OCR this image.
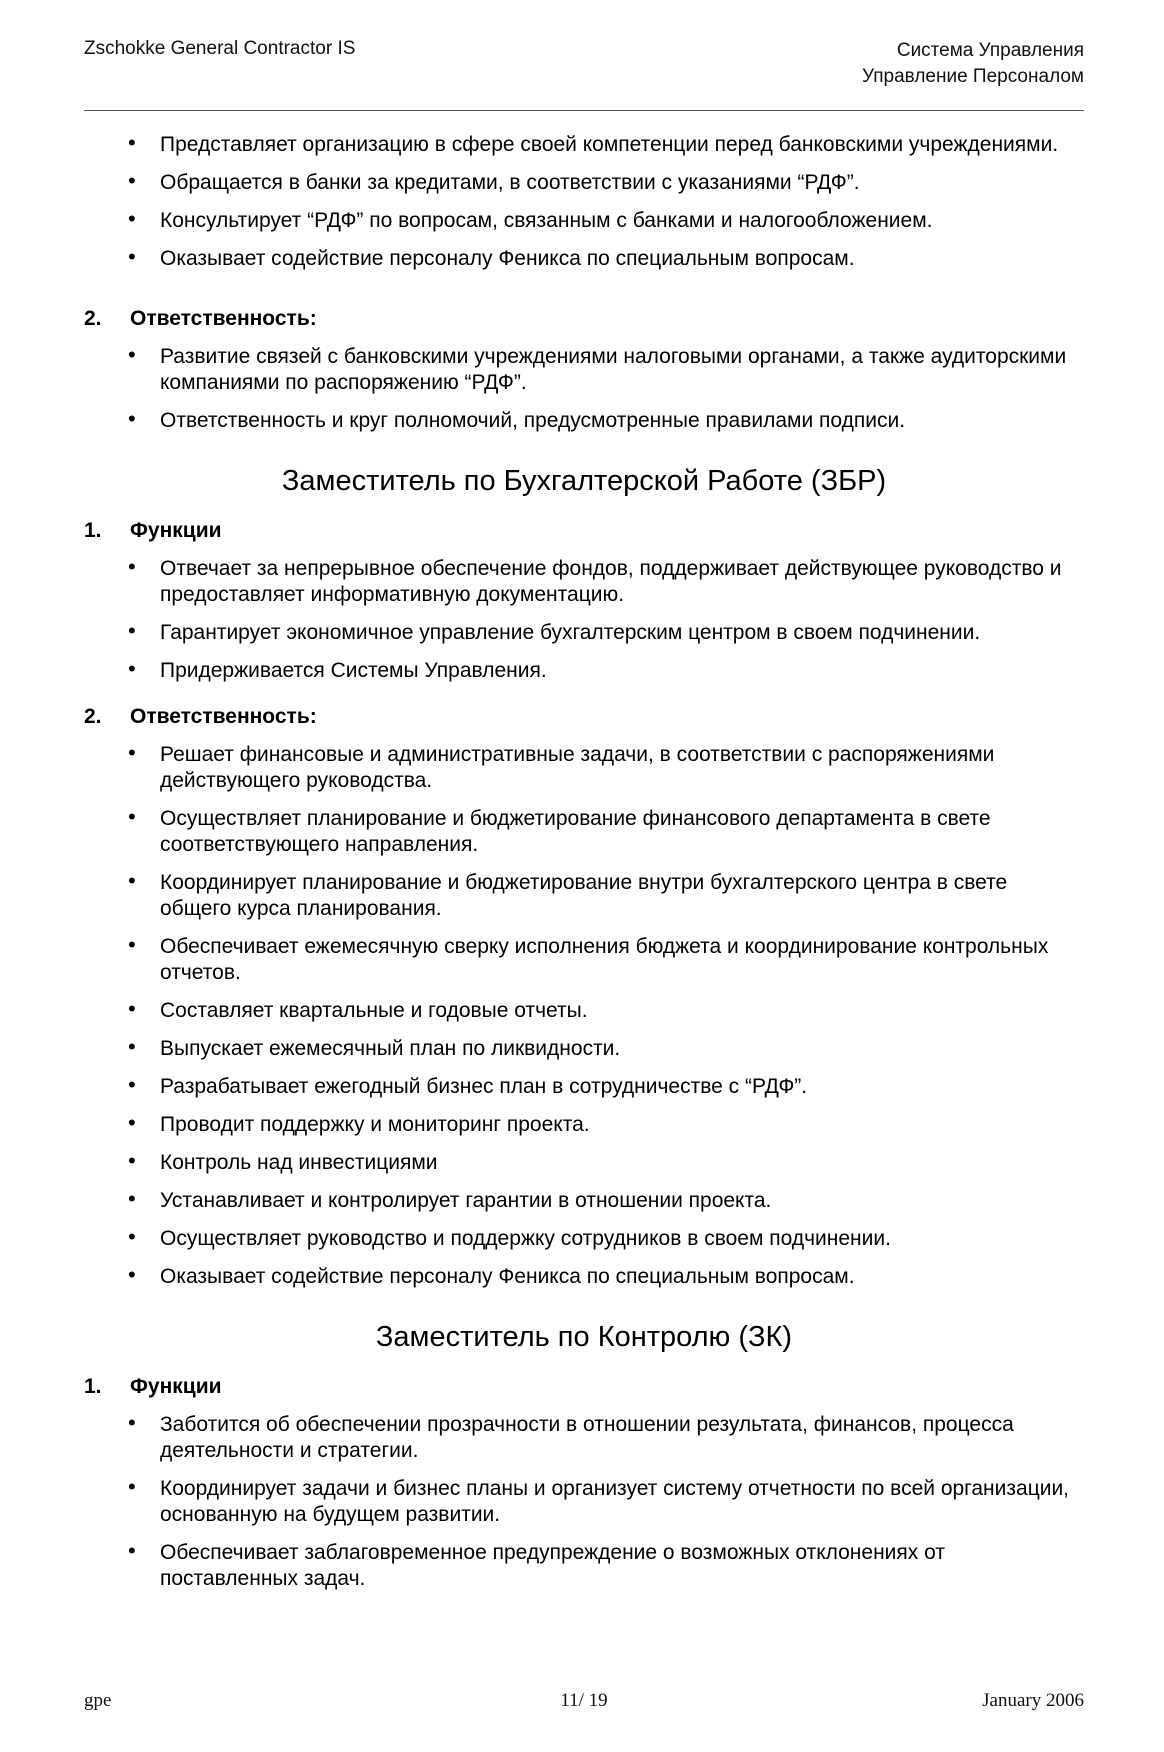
Zschokke General Contractor IS	Система Управления
Управление Персоналом
• Представляет организацию в сфере своей компетенции перед банковскими учреждениями.
• Обращается в банки за кредитами, в соответствии с указаниями “РДФ”.
• Консультирует “РДФ” по вопросам, связанным с банками и налогообложением.
• Оказывает содействие персоналу Феникса по специальным вопросам.
2. Ответственность:
• Развитие связей с банковскими учреждениями налоговыми органами, а также аудиторскими компаниями по распоряжению “РДФ”.
• Ответственность и круг полномочий, предусмотренные правилами подписи.
Заместитель по Бухгалтерской Работе (ЗБР)
1. Функции
• Отвечает за непрерывное обеспечение фондов, поддерживает действующее руководство и предоставляет информативную документацию.
• Гарантирует экономичное управление бухгалтерским центром в своем подчинении.
• Придерживается Системы Управления.
2. Ответственность:
• Решает финансовые и административные задачи, в соответствии с распоряжениями действующего руководства.
• Осуществляет планирование и бюджетирование финансового департамента в свете соответствующего направления.
• Координирует планирование и бюджетирование внутри бухгалтерского центра в свете общего курса планирования.
• Обеспечивает ежемесячную сверку исполнения бюджета и координирование контрольных отчетов.
• Составляет квартальные и годовые отчеты.
• Выпускает ежемесячный план по ликвидности.
• Разрабатывает ежегодный бизнес план в сотрудничестве с “РДФ”.
• Проводит поддержку и мониторинг проекта.
• Контроль над инвестициями
• Устанавливает и контролирует гарантии в отношении проекта.
• Осуществляет руководство и поддержку сотрудников в своем подчинении.
• Оказывает содействие персоналу Феникса по специальным вопросам.
Заместитель по Контролю (ЗК)
1. Функции
• Заботится об обеспечении прозрачности в отношении результата, финансов, процесса деятельности и стратегии.
• Координирует задачи и бизнес планы и организует систему отчетности по всей организации, основанную на будущем развитии.
• Обеспечивает заблаговременное предупреждение о возможных отклонениях от поставленных задач.
gpe	11/ 19	January 2006
